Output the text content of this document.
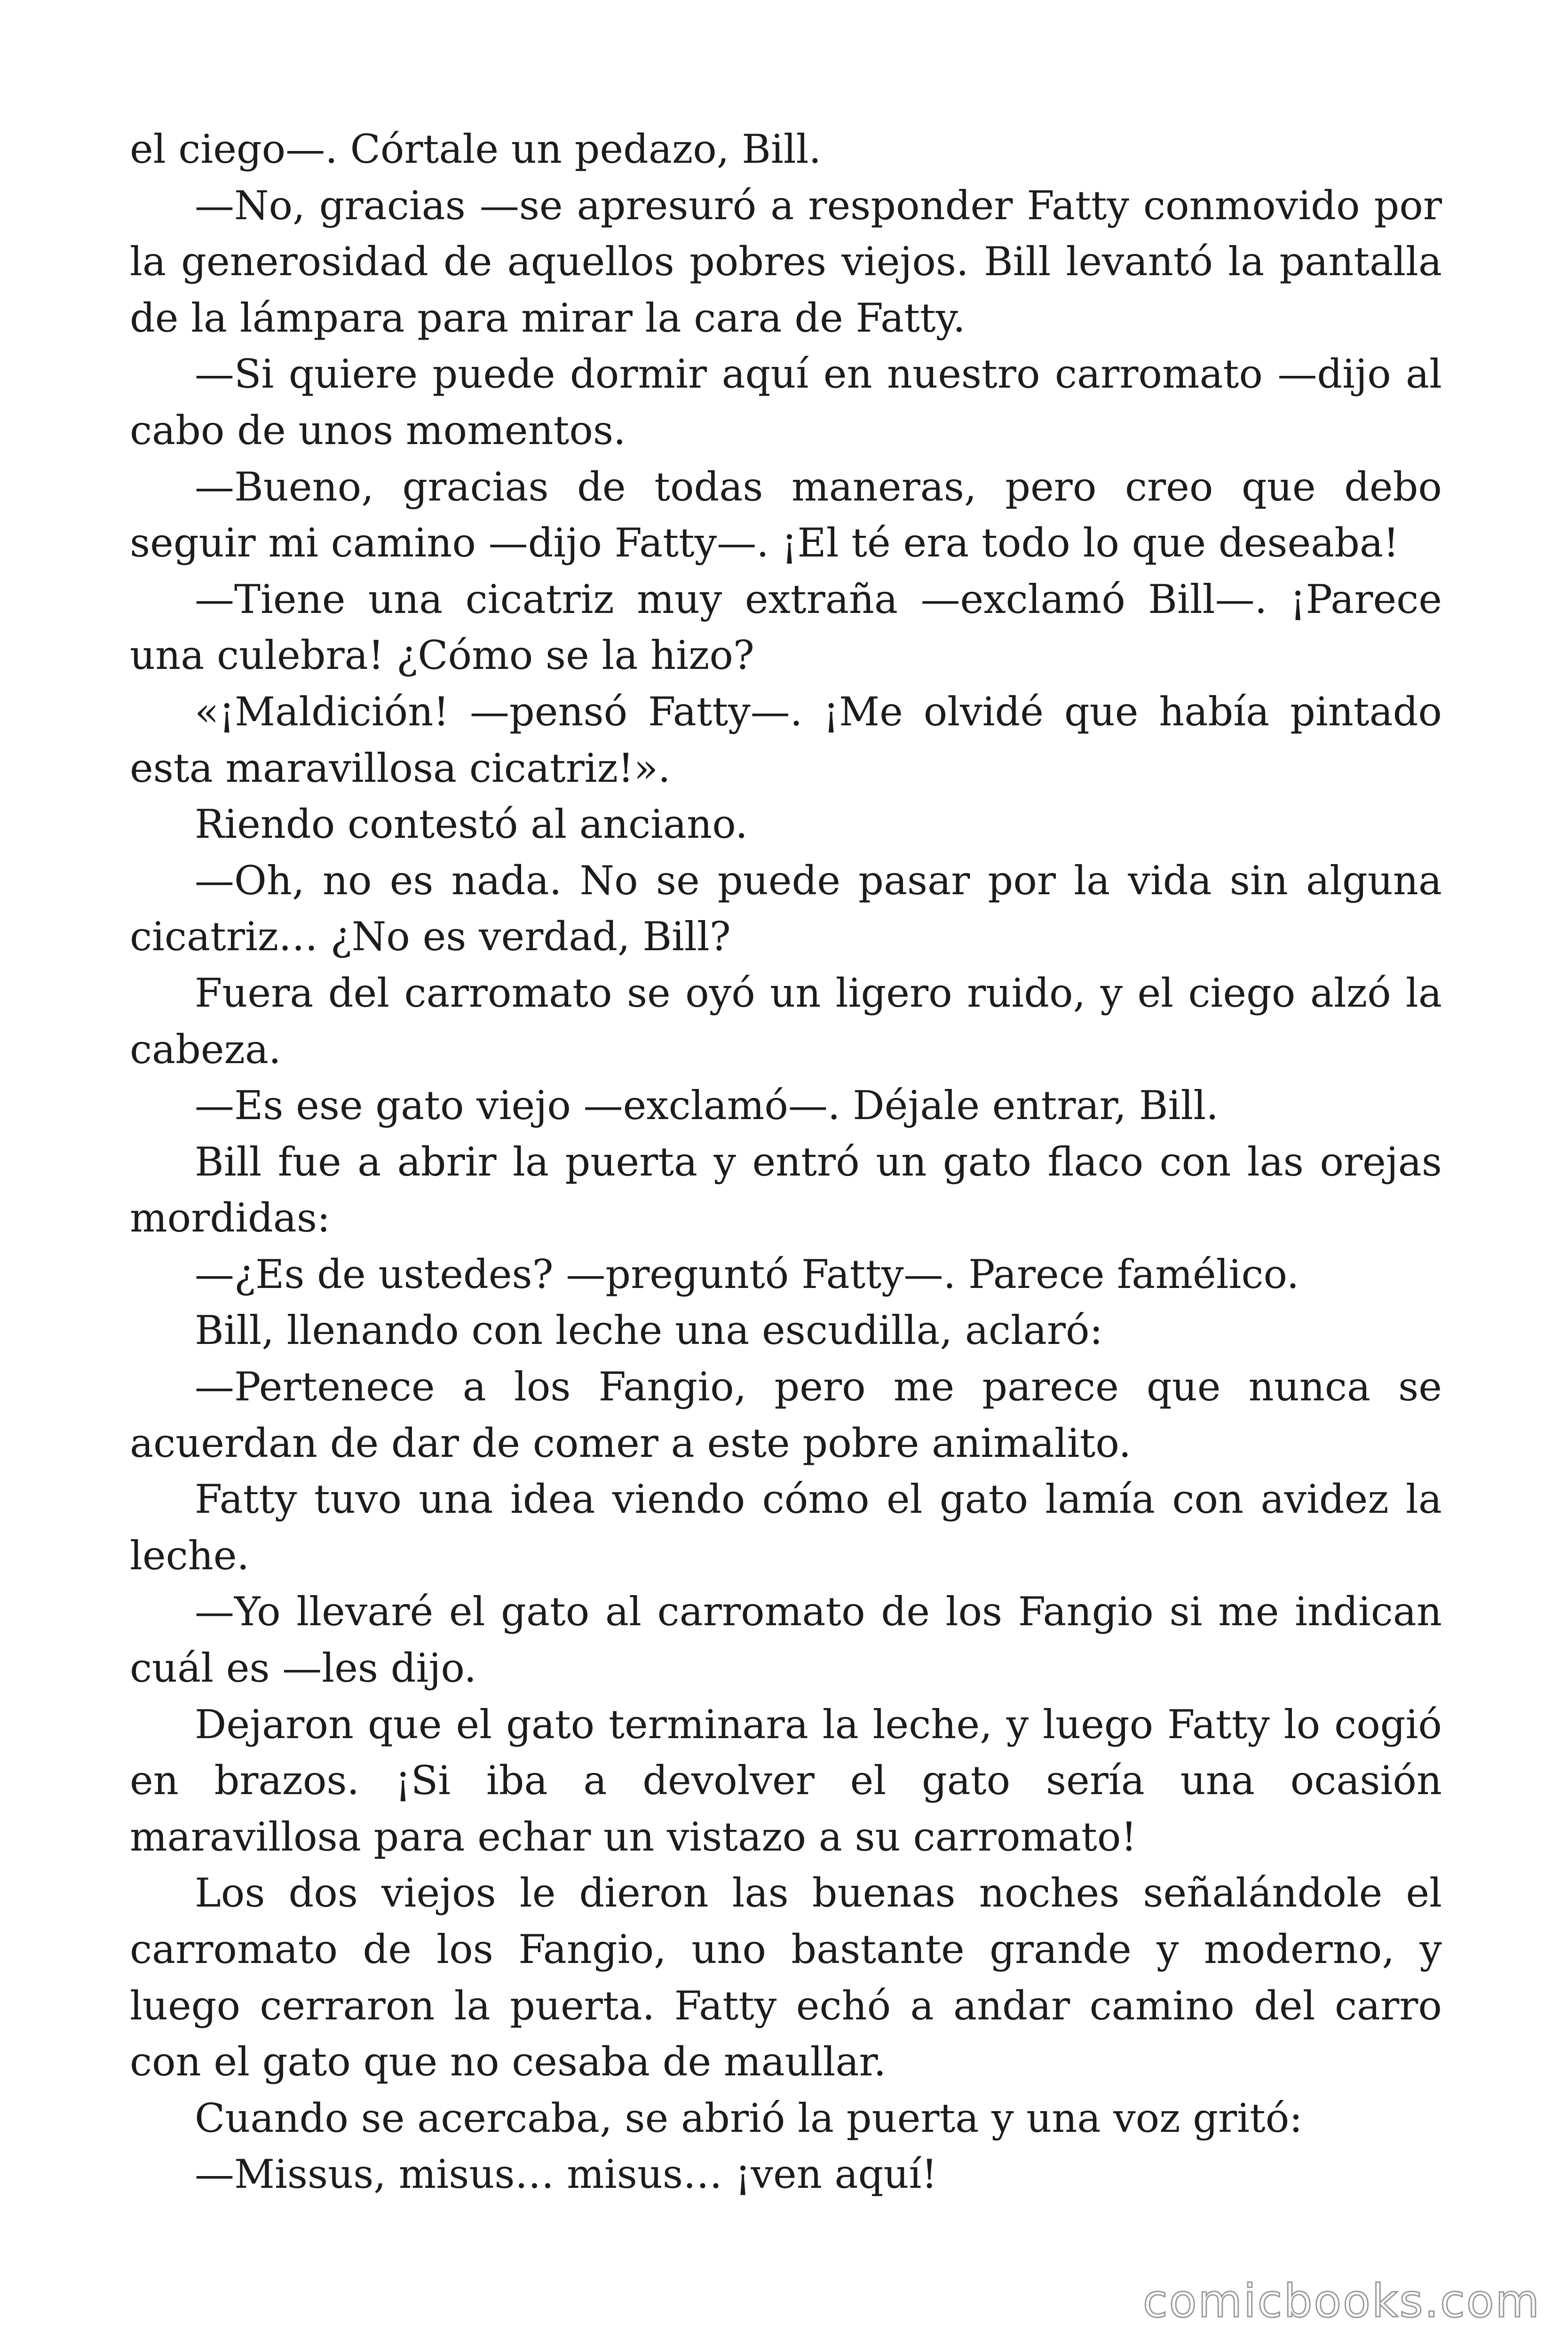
el ciego—. Córtale un pedazo, Bill.

—No, gracias —se apresuró a responder Fatty conmovido por la generosidad de aquellos pobres viejos. Bill levantó la pantalla de la lámpara para mirar la cara de Fatty.

—Si quiere puede dormir aquí en nuestro carromato —dijo al cabo de unos momentos.

—Bueno, gracias de todas maneras, pero creo que debo seguir mi camino —dijo Fatty—. ¡El té era todo lo que deseaba!

—Tiene una cicatriz muy extraña —exclamó Bill—. ¡Parece una culebra! ¿Cómo se la hizo?

«¡Maldición! —pensó Fatty—. ¡Me olvidé que había pintado esta maravillosa cicatriz!».

Riendo contestó al anciano.

—Oh, no es nada. No se puede pasar por la vida sin alguna cicatriz… ¿No es verdad, Bill?

Fuera del carromato se oyó un ligero ruido, y el ciego alzó la cabeza.

—Es ese gato viejo —exclamó—. Déjale entrar, Bill.

Bill fue a abrir la puerta y entró un gato flaco con las orejas mordidas:

—¿Es de ustedes? —preguntó Fatty—. Parece famélico.

Bill, llenando con leche una escudilla, aclaró:

—Pertenece a los Fangio, pero me parece que nunca se acuerdan de dar de comer a este pobre animalito.

Fatty tuvo una idea viendo cómo el gato lamía con avidez la leche.

—Yo llevaré el gato al carromato de los Fangio si me indican cuál es —les dijo.

Dejaron que el gato terminara la leche, y luego Fatty lo cogió en brazos. ¡Si iba a devolver el gato sería una ocasión maravillosa para echar un vistazo a su carromato!

Los dos viejos le dieron las buenas noches señalándole el carromato de los Fangio, uno bastante grande y moderno, y luego cerraron la puerta. Fatty echó a andar camino del carro con el gato que no cesaba de maullar.

Cuando se acercaba, se abrió la puerta y una voz gritó:

—Missus, misus… misus… ¡ven aquí!

comicbooks.com
